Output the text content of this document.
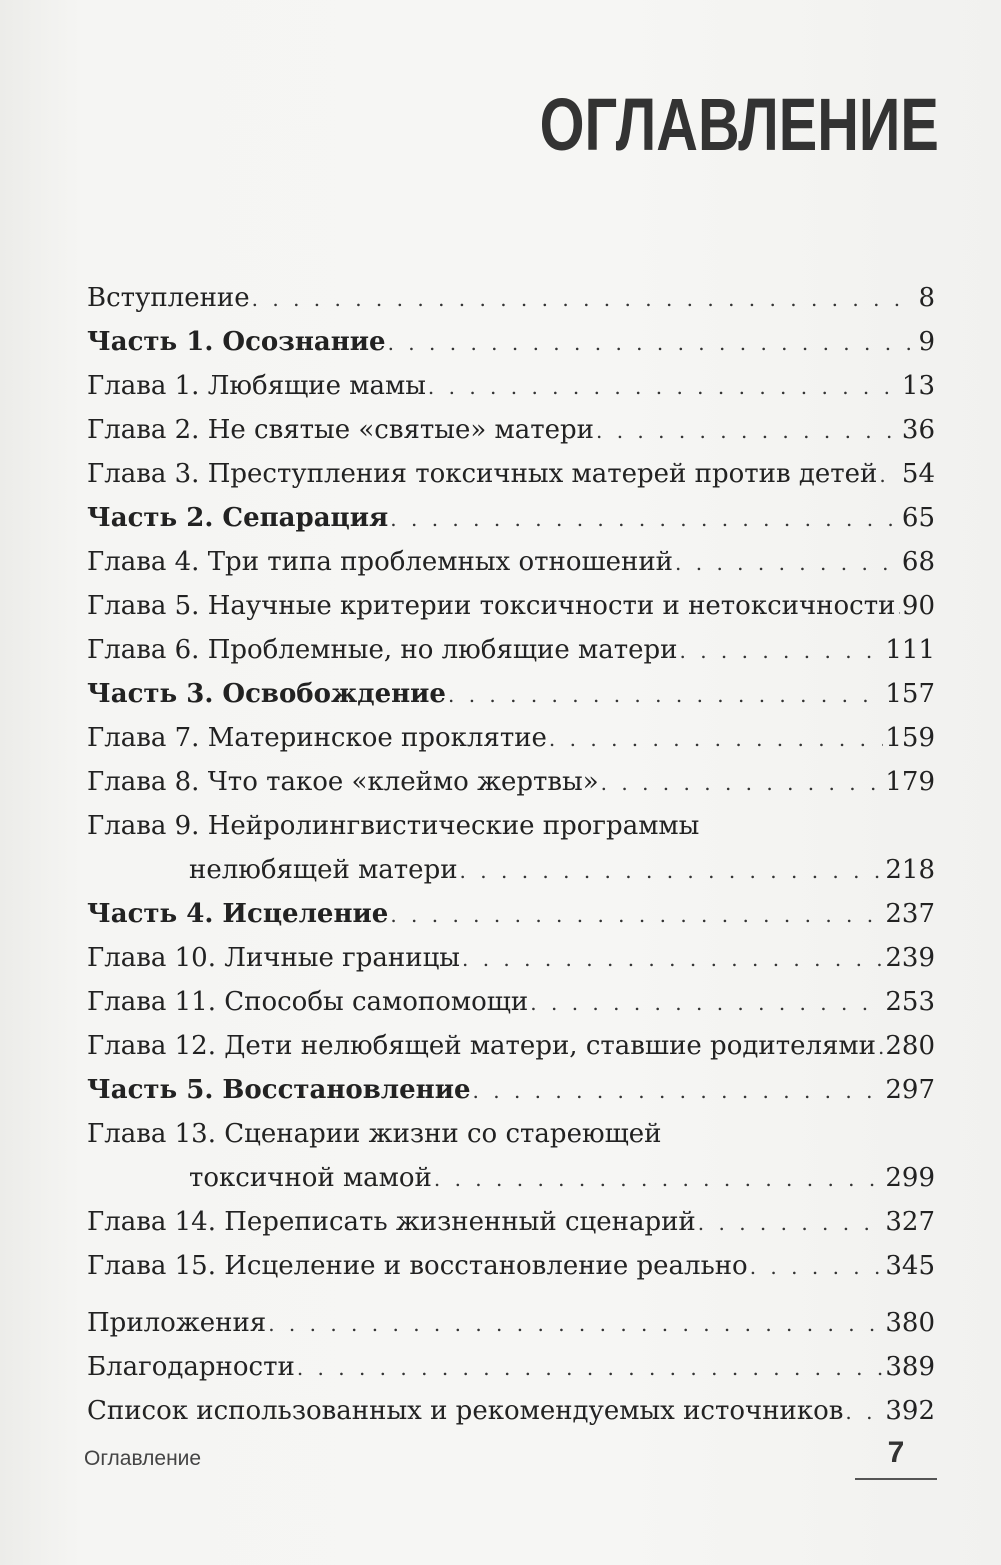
ОГЛАВЛЕНИЕ
Вступление . . .	8
Часть 1. Осознание . . .	9
Глава 1. Любящие мамы . . .	13
Глава 2. Не святые «святые» матери . . .	36
Глава 3. Преступления токсичных матерей против детей . . . 54
Часть 2. Сепарация . . .	65
Глава 4. Три типа проблемных отношений . . .	68
Глава 5. Научные критерии токсичности и нетоксичности . . . 90
Глава 6. Проблемные, но любящие матери . . .	111
Часть 3. Освобождение . . .	157
Глава 7. Материнское проклятие . . .	159
Глава 8. Что такое «клеймо жертвы» . . .	179
Глава 9. Нейролингвистические программы
нелюбящей матери . . .	218
Часть 4. Исцеление . . .	237
Глава 10. Личные границы . . .	239
Глава 11. Способы самопомощи . . .	253
Глава 12. Дети нелюбящей матери, ставшие родителями . . . 280
Часть 5. Восстановление . . .	297
Глава 13. Сценарии жизни со стареющей
токсичной мамой . . .	299
Глава 14. Переписать жизненный сценарий . . .	327
Глава 15. Исцеление и восстановление реально . . .	345
Приложения . . .	380
Благодарности . . .	389
Список использованных и рекомендуемых источников . . . 392
Оглавление	7
